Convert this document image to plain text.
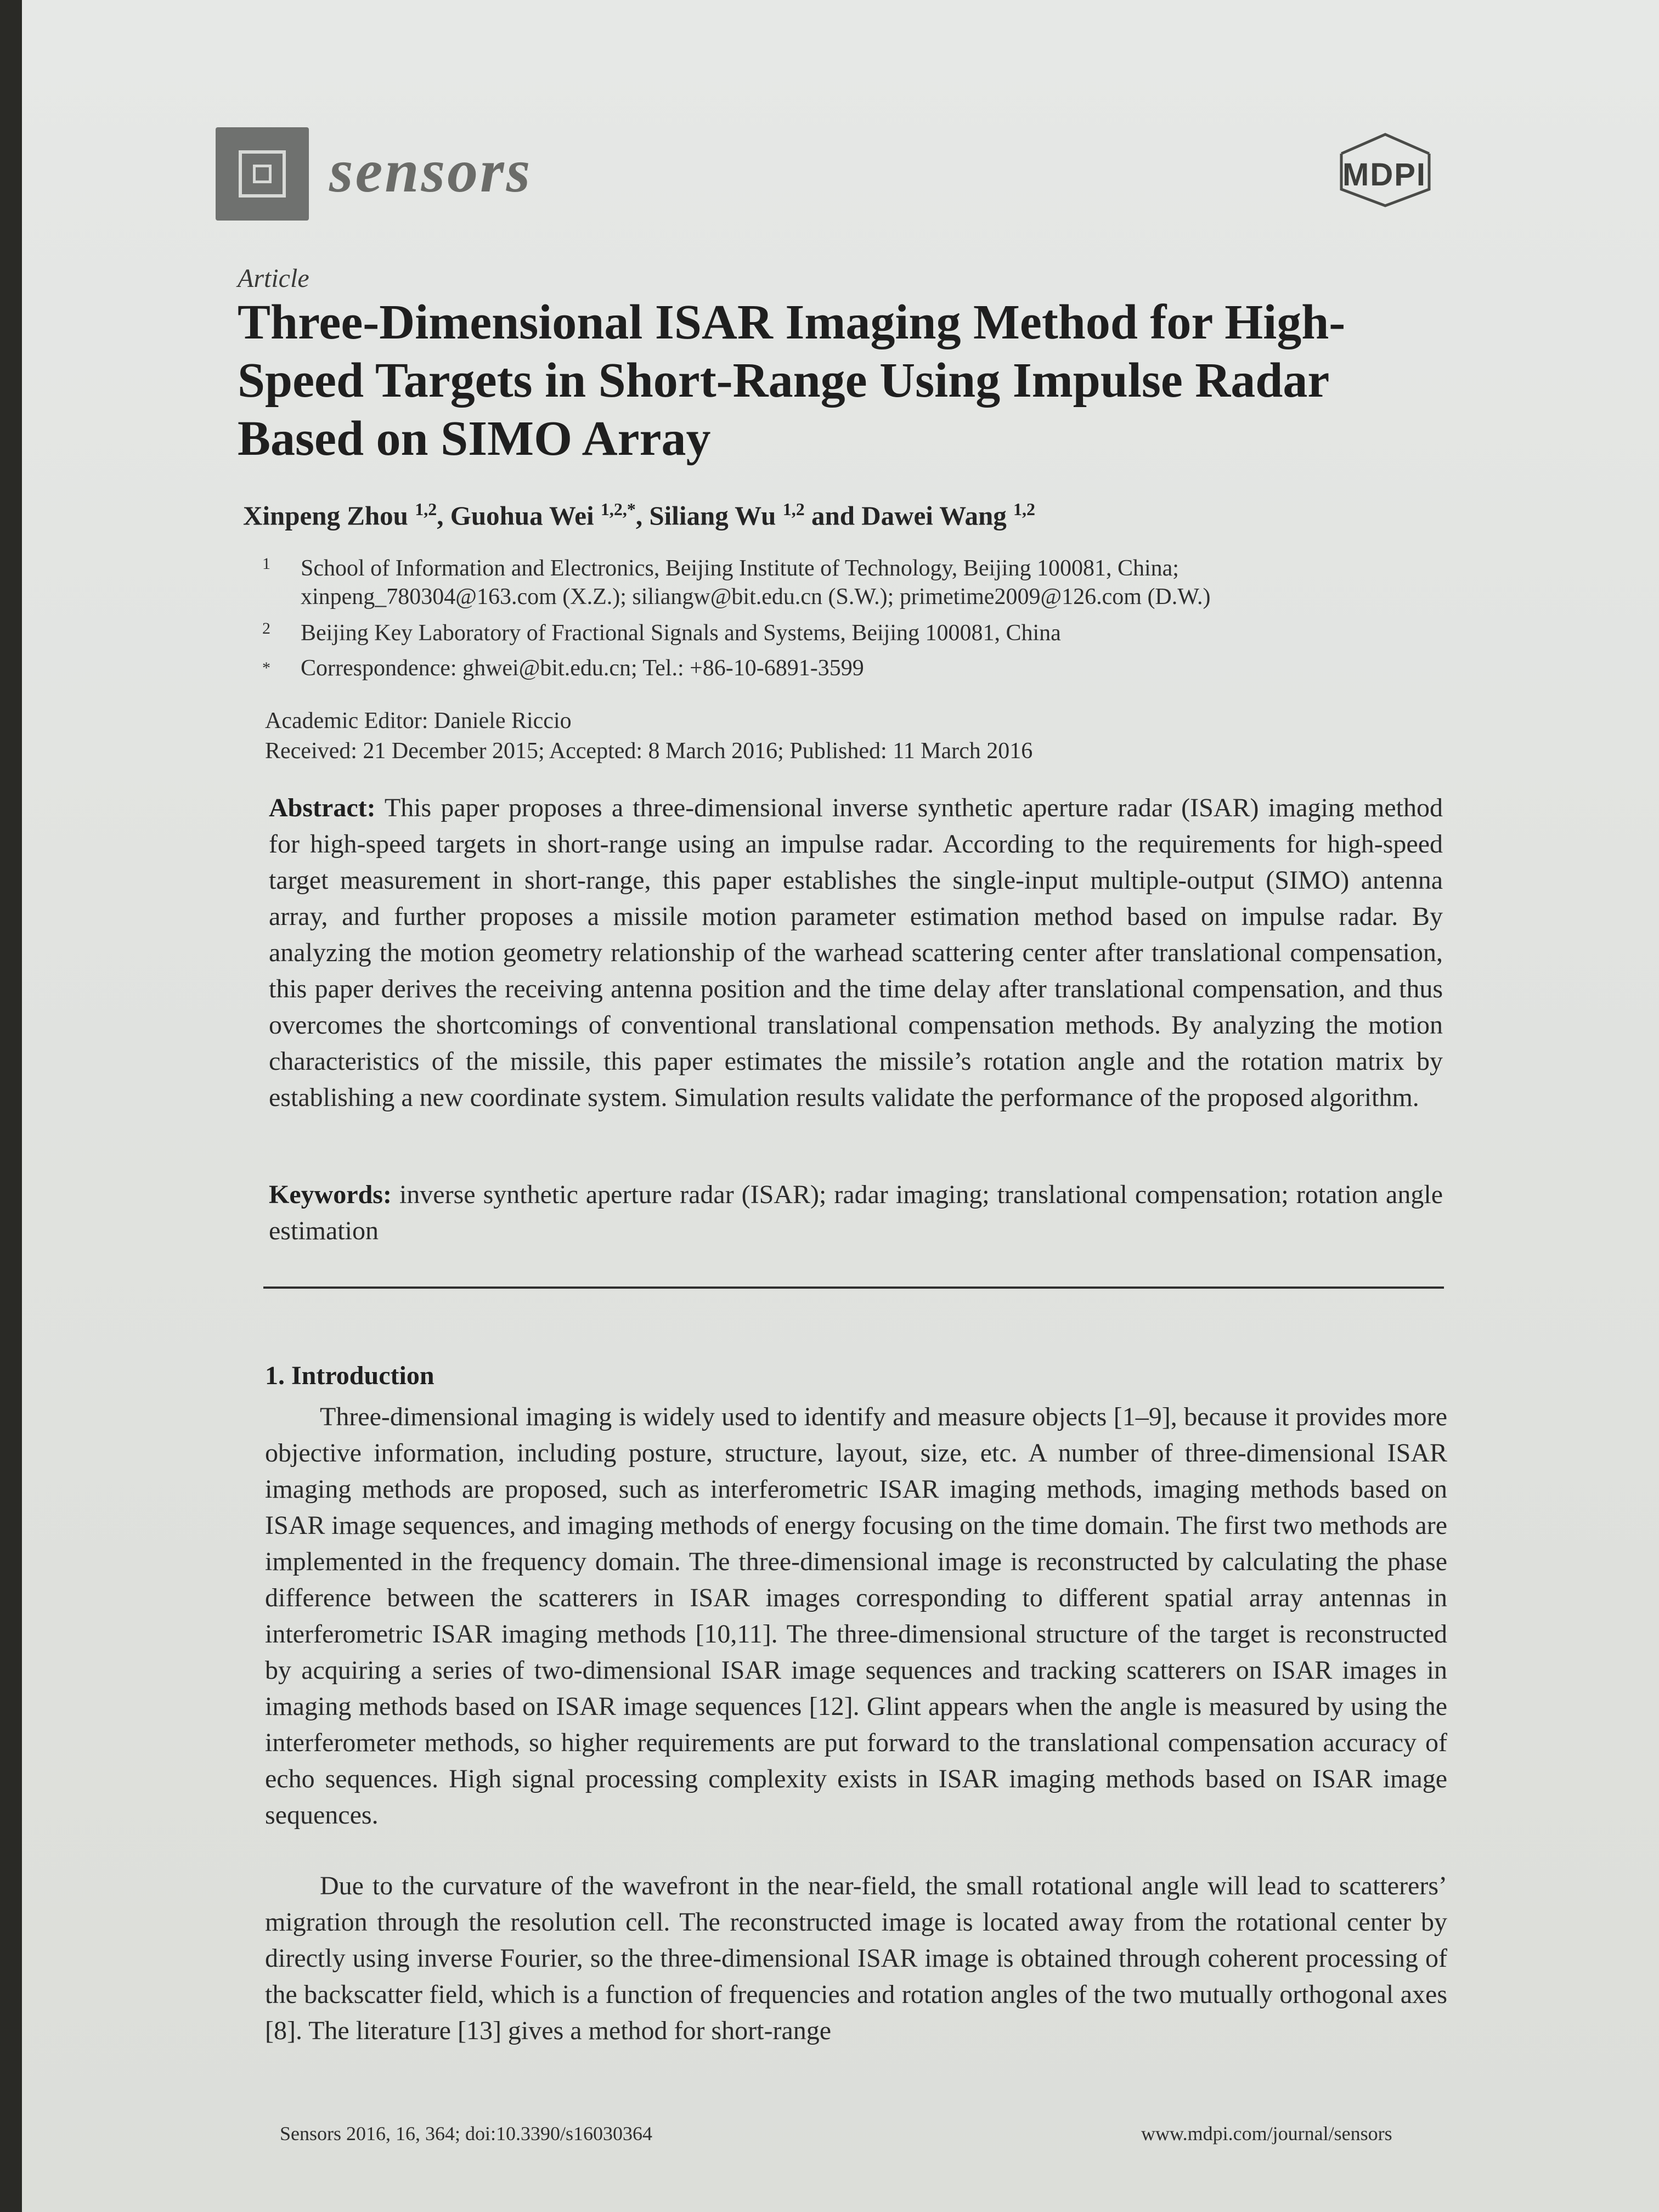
sensors	MDPI
Article
Three-Dimensional ISAR Imaging Method for High-Speed Targets in Short-Range Using Impulse Radar Based on SIMO Array
Xinpeng Zhou $^{1,2}$, Guohua Wei $^{1,2,*}$, Siliang Wu $^{1,2}$ and Dawei Wang $^{1,2}$
1 School of Information and Electronics, Beijing Institute of Technology, Beijing 100081, China;
xinpeng_780304@163.com (X.Z.); siliangw@bit.edu.cn (S.W.); primetime2009@126.com (D.W.)
2 Beijing Key Laboratory of Fractional Signals and Systems, Beijing 100081, China
* Correspondence: ghwei@bit.edu.cn; Tel.: +86-10-6891-3599
Academic Editor: Daniele Riccio
Received: 21 December 2015; Accepted: 8 March 2016; Published: 11 March 2016

Abstract: This paper proposes a three-dimensional inverse synthetic aperture radar (ISAR) imaging method for high-speed targets in short-range using an impulse radar. According to the requirements for high-speed target measurement in short-range, this paper establishes the single-input multiple-output (SIMO) antenna array, and further proposes a missile motion parameter estimation method based on impulse radar. By analyzing the motion geometry relationship of the warhead scattering center after translational compensation, this paper derives the receiving antenna position and the time delay after translational compensation, and thus overcomes the shortcomings of conventional translational compensation methods. By analyzing the motion characteristics of the missile, this paper estimates the missile’s rotation angle and the rotation matrix by establishing a new coordinate system. Simulation results validate the performance of the proposed algorithm.

Keywords: inverse synthetic aperture radar (ISAR); radar imaging; translational compensation; rotation angle estimation

1. Introduction

Three-dimensional imaging is widely used to identify and measure objects [1–9], because it provides more objective information, including posture, structure, layout, size, etc. A number of three-dimensional ISAR imaging methods are proposed, such as interferometric ISAR imaging methods, imaging methods based on ISAR image sequences, and imaging methods of energy focusing on the time domain. The first two methods are implemented in the frequency domain. The three-dimensional image is reconstructed by calculating the phase difference between the scatterers in ISAR images corresponding to different spatial array antennas in interferometric ISAR imaging methods [10,11]. The three-dimensional structure of the target is reconstructed by acquiring a series of two-dimensional ISAR image sequences and tracking scatterers on ISAR images in imaging methods based on ISAR image sequences [12]. Glint appears when the angle is measured by using the interferometer methods, so higher requirements are put forward to the translational compensation accuracy of echo sequences. High signal processing complexity exists in ISAR imaging methods based on ISAR image sequences.

Due to the curvature of the wavefront in the near-field, the small rotational angle will lead to scatterers’ migration through the resolution cell. The reconstructed image is located away from the rotational center by directly using inverse Fourier, so the three-dimensional ISAR image is obtained through coherent processing of the backscatter field, which is a function of frequencies and rotation angles of the two mutually orthogonal axes [8]. The literature [13] gives a method for short-range

Sensors 2016, 16, 364; doi:10.3390/s16030364	www.mdpi.com/journal/sensors
